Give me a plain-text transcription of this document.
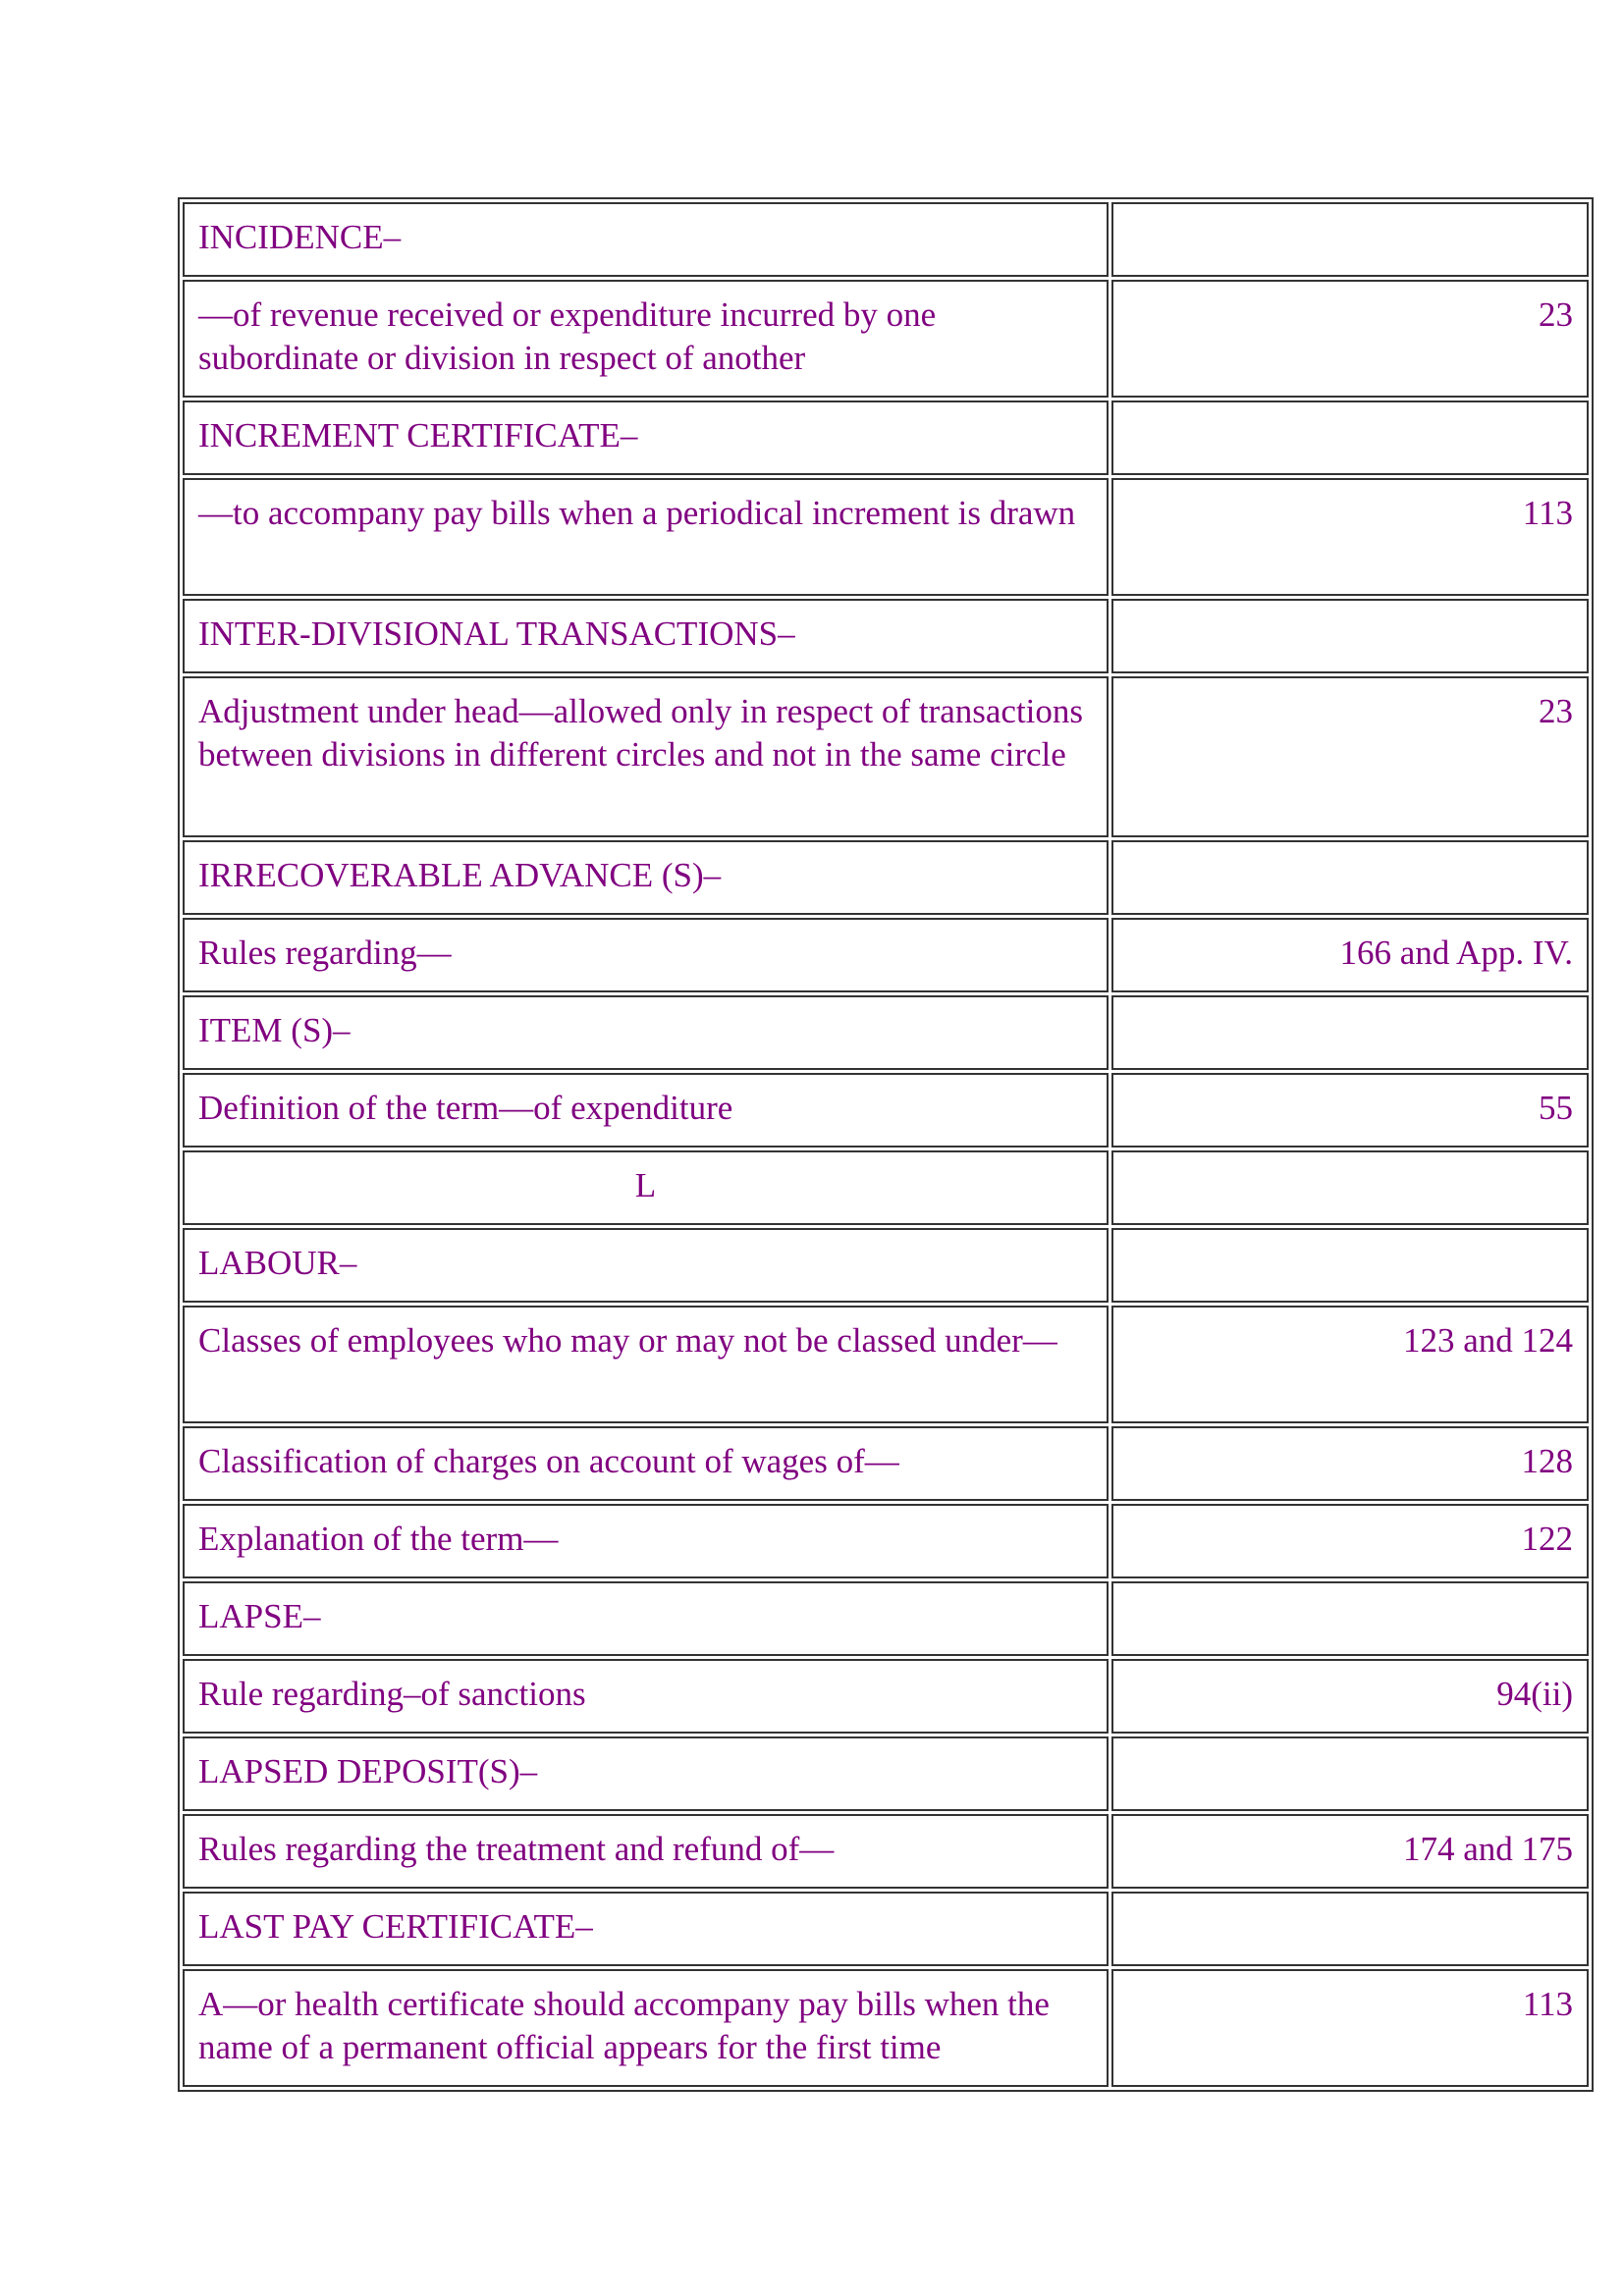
INCIDENCE–	
—of revenue received or expenditure incurred by one subordinate or division in respect of another	23
INCREMENT CERTIFICATE–	
—to accompany pay bills when a periodical increment is drawn	113
INTER-DIVISIONAL TRANSACTIONS–	
Adjustment under head—allowed only in respect of transactions between divisions in different circles and not in the same circle	23
IRRECOVERABLE ADVANCE (S)–	
Rules regarding—	166 and App. IV.
ITEM (S)–	
Definition of the term—of expenditure	55
L	
LABOUR–	
Classes of employees who may or may not be classed under—	123 and 124
Classification of charges on account of wages of—	128
Explanation of the term—	122
LAPSE–	
Rule regarding–of sanctions	94(ii)
LAPSED DEPOSIT(S)–	
Rules regarding the treatment and refund of—	174 and 175
LAST PAY CERTIFICATE–	
A—or health certificate should accompany pay bills when the name of a permanent official appears for the first time	113
